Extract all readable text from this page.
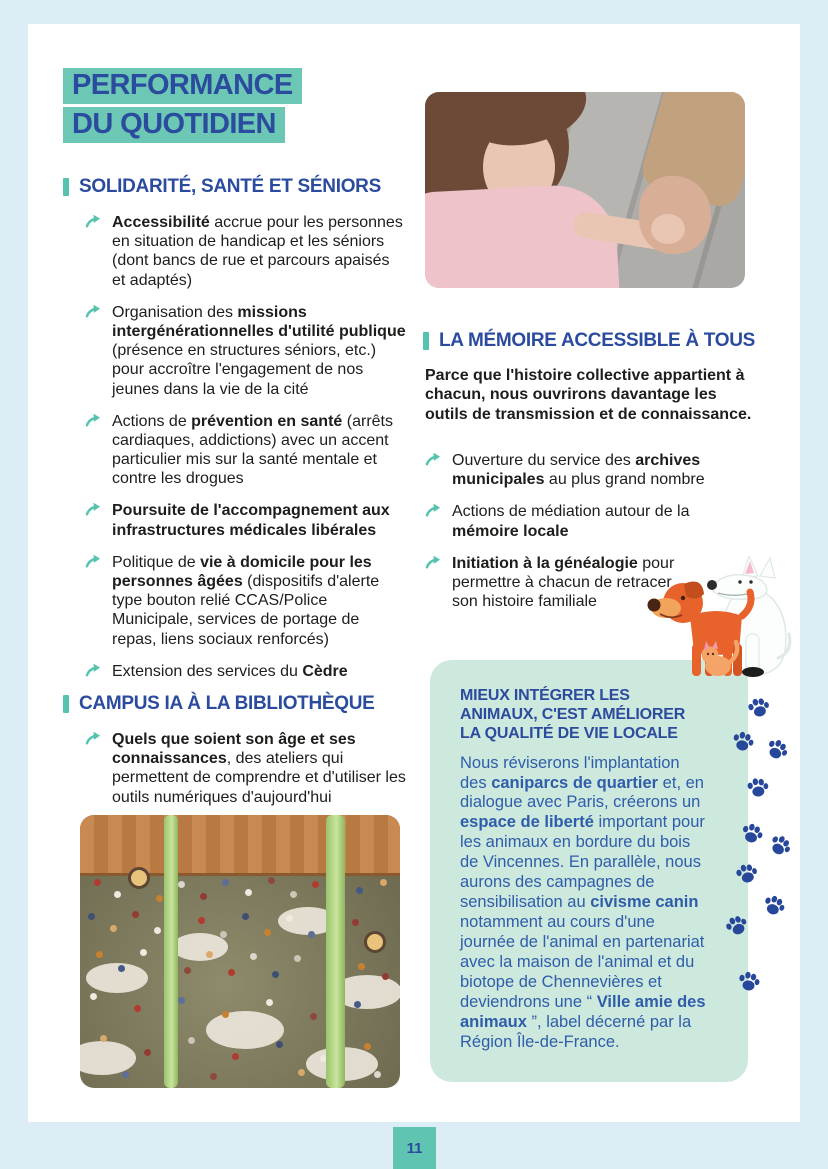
PERFORMANCE
DU QUOTIDIEN
SOLIDARITÉ, SANTÉ ET SÉNIORS
Accessibilité accrue pour les personnes en situation de handicap et les séniors (dont bancs de rue et parcours apaisés et adaptés)
Organisation des missions intergénérationnelles d'utilité publique (présence en structures séniors, etc.) pour accroître l'engagement de nos jeunes dans la vie de la cité
Actions de prévention en santé (arrêts cardiaques, addictions) avec un accent particulier mis sur la santé mentale et contre les drogues
Poursuite de l'accompagnement aux infrastructures médicales libérales
Politique de vie à domicile pour les personnes âgées (dispositifs d'alerte type bouton relié CCAS/Police Municipale, services de portage de repas, liens sociaux renforcés)
Extension des services du Cèdre
CAMPUS IA À LA BIBLIOTHÈQUE
Quels que soient son âge et ses connaissances, des ateliers qui permettent de comprendre et d'utiliser les outils numériques d'aujourd'hui
LA MÉMOIRE ACCESSIBLE À TOUS
Parce que l'histoire collective appartient à chacun, nous ouvrirons davantage les outils de transmission et de connaissance.
Ouverture du service des archives municipales au plus grand nombre
Actions de médiation autour de la mémoire locale
Initiation à la généalogie pour permettre à chacun de retracer son histoire familiale
MIEUX INTÉGRER LES ANIMAUX, C'EST AMÉLIORER LA QUALITÉ DE VIE LOCALE
Nous réviserons l'implantation des caniparcs de quartier et, en dialogue avec Paris, créerons un espace de liberté important pour les animaux en bordure du bois de Vincennes. En parallèle, nous aurons des campagnes de sensibilisation au civisme canin notamment au cours d'une journée de l'animal en partenariat avec la maison de l'animal et du biotope de Chennevières et deviendrons une “ Ville amie des animaux ”, label décerné par la Région Île-de-France.
11
